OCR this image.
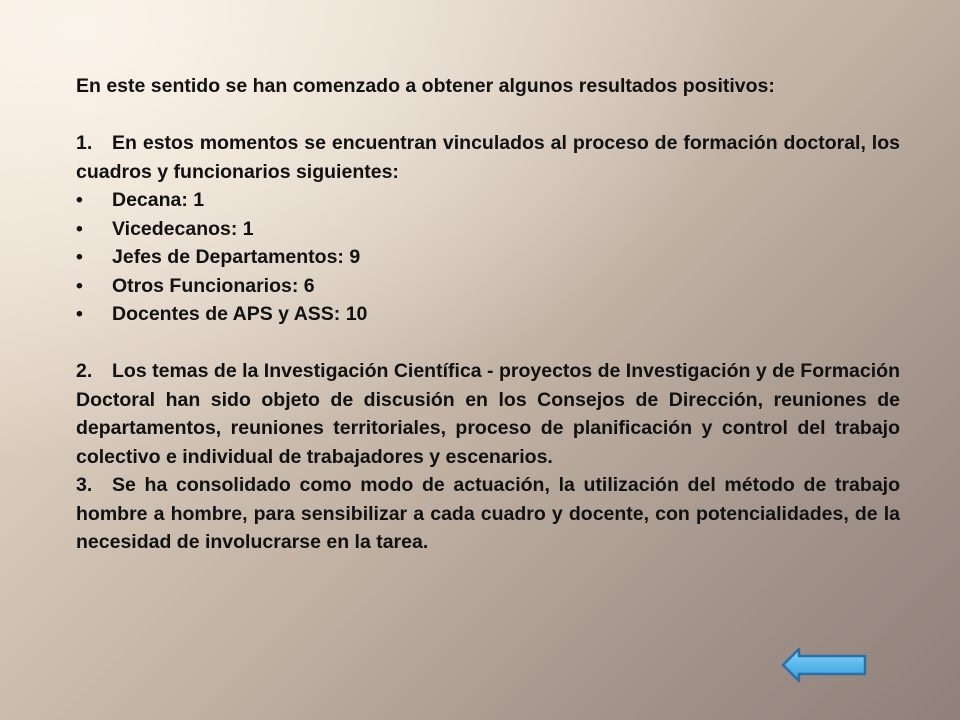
En este sentido se han comenzado a obtener algunos resultados positivos:

1. En estos momentos se encuentran vinculados al proceso de formación doctoral, los cuadros y funcionarios siguientes:

• Decana: 1
• Vicedecanos: 1
• Jefes de Departamentos: 9
• Otros Funcionarios: 6
• Docentes de APS y ASS: 10

2. Los temas de la Investigación Científica - proyectos de Investigación y de Formación Doctoral han sido objeto de discusión en los Consejos de Dirección, reuniones de departamentos, reuniones territoriales, proceso de planificación y control del trabajo colectivo e individual de trabajadores y escenarios.

3. Se ha consolidado como modo de actuación, la utilización del método de trabajo hombre a hombre, para sensibilizar a cada cuadro y docente, con potencialidades, de la necesidad de involucrarse en la tarea.
